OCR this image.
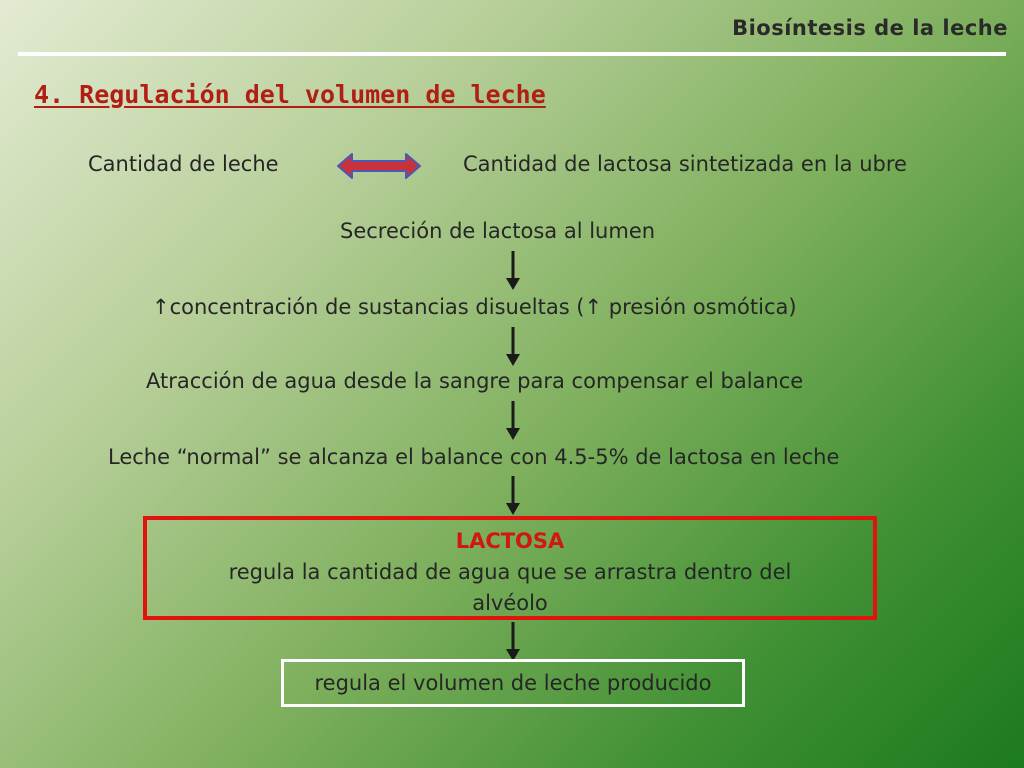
Biosíntesis de la leche
4. Regulación del volumen de leche
Cantidad de leche	Cantidad de lactosa sintetizada en la ubre
Secreción de lactosa al lumen
↑concentración de sustancias disueltas (↑ presión osmótica)
Atracción de agua desde la sangre para compensar el balance
Leche “normal” se alcanza el balance con 4.5-5% de lactosa en leche
LACTOSA
regula la cantidad de agua que se arrastra dentro del
alvéolo
regula el volumen de leche producido
